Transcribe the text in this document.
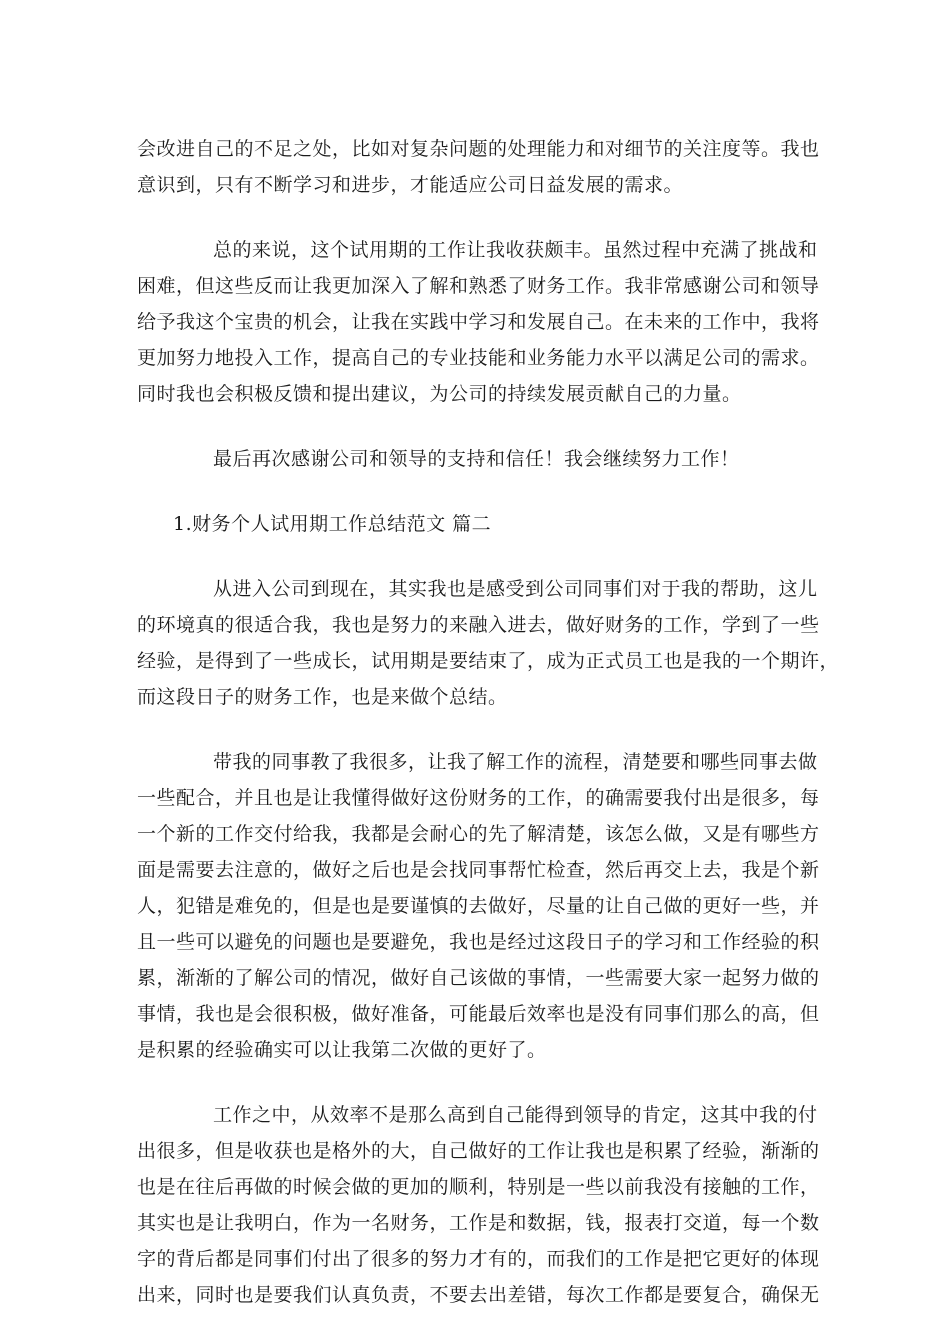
会改进自己的不足之处，比如对复杂问题的处理能力和对细节的关注度等。我也
意识到，只有不断学习和进步，才能适应公司日益发展的需求。

总的来说，这个试用期的工作让我收获颇丰。虽然过程中充满了挑战和
困难，但这些反而让我更加深入了解和熟悉了财务工作。我非常感谢公司和领导
给予我这个宝贵的机会，让我在实践中学习和发展自己。在未来的工作中，我将
更加努力地投入工作，提高自己的专业技能和业务能力水平以满足公司的需求。
同时我也会积极反馈和提出建议，为公司的持续发展贡献自己的力量。

最后再次感谢公司和领导的支持和信任！我会继续努力工作！

1.财务个人试用期工作总结范文 篇二

从进入公司到现在，其实我也是感受到公司同事们对于我的帮助，这儿
的环境真的很适合我，我也是努力的来融入进去，做好财务的工作，学到了一些
经验，是得到了一些成长，试用期是要结束了，成为正式员工也是我的一个期许，
而这段日子的财务工作，也是来做个总结。

带我的同事教了我很多，让我了解工作的流程，清楚要和哪些同事去做
一些配合，并且也是让我懂得做好这份财务的工作，的确需要我付出是很多，每
一个新的工作交付给我，我都是会耐心的先了解清楚，该怎么做，又是有哪些方
面是需要去注意的，做好之后也是会找同事帮忙检查，然后再交上去，我是个新
人，犯错是难免的，但是也是要谨慎的去做好，尽量的让自己做的更好一些，并
且一些可以避免的问题也是要避免，我也是经过这段日子的学习和工作经验的积
累，渐渐的了解公司的情况，做好自己该做的事情，一些需要大家一起努力做的
事情，我也是会很积极，做好准备，可能最后效率也是没有同事们那么的高，但
是积累的经验确实可以让我第二次做的更好了。

工作之中，从效率不是那么高到自己能得到领导的肯定，这其中我的付
出很多，但是收获也是格外的大，自己做好的工作让我也是积累了经验，渐渐的
也是在往后再做的时候会做的更加的顺利，特别是一些以前我没有接触的工作，
其实也是让我明白，作为一名财务，工作是和数据，钱，报表打交道，每一个数
字的背后都是同事们付出了很多的努力才有的，而我们的工作是把它更好的体现
出来，同时也是要我们认真负责，不要去出差错，每次工作都是要复合，确保无
